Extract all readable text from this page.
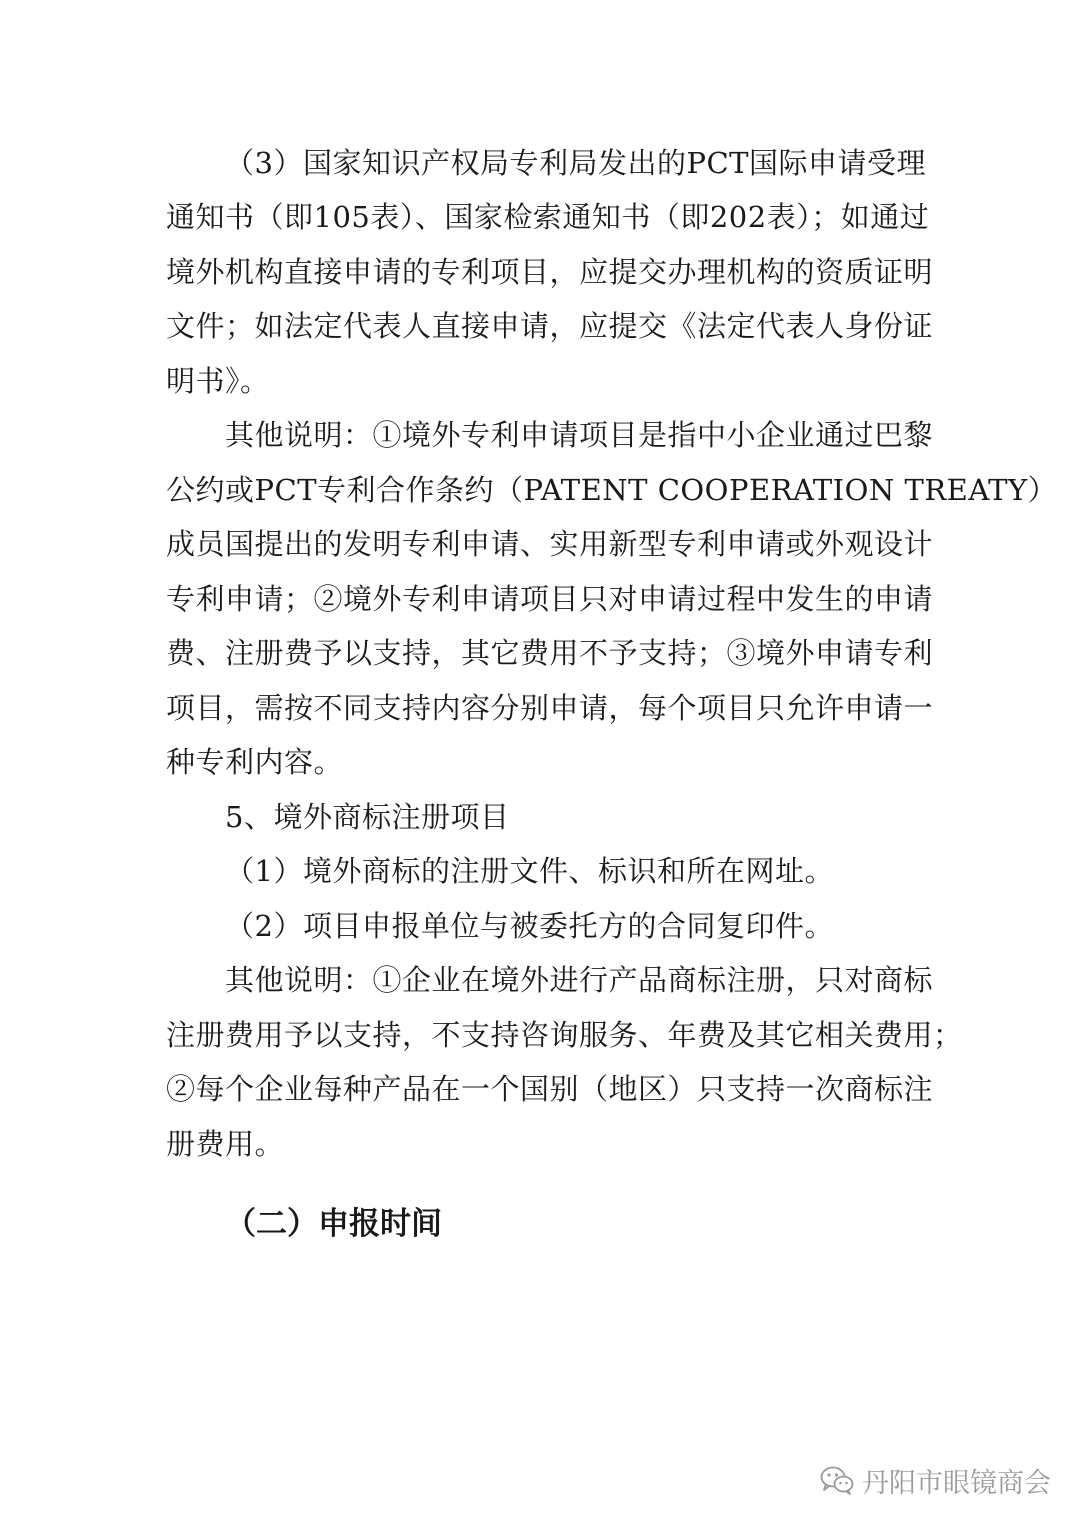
（3）国家知识产权局专利局发出的PCT国际申请受理
通知书（即105表）、国家检索通知书（即202表）；如通过
境外机构直接申请的专利项目，应提交办理机构的资质证明
文件；如法定代表人直接申请，应提交《法定代表人身份证
明书》。
其他说明：①境外专利申请项目是指中小企业通过巴黎
公约或PCT专利合作条约（PATENT COOPERATION TREATY）
成员国提出的发明专利申请、实用新型专利申请或外观设计
专利申请；②境外专利申请项目只对申请过程中发生的申请
费、注册费予以支持，其它费用不予支持；③境外申请专利
项目，需按不同支持内容分别申请，每个项目只允许申请一
种专利内容。
5、境外商标注册项目
（1）境外商标的注册文件、标识和所在网址。
（2）项目申报单位与被委托方的合同复印件。
其他说明：①企业在境外进行产品商标注册，只对商标
注册费用予以支持，不支持咨询服务、年费及其它相关费用；
②每个企业每种产品在一个国别（地区）只支持一次商标注
册费用。
（二）申报时间
丹阳市眼镜商会
